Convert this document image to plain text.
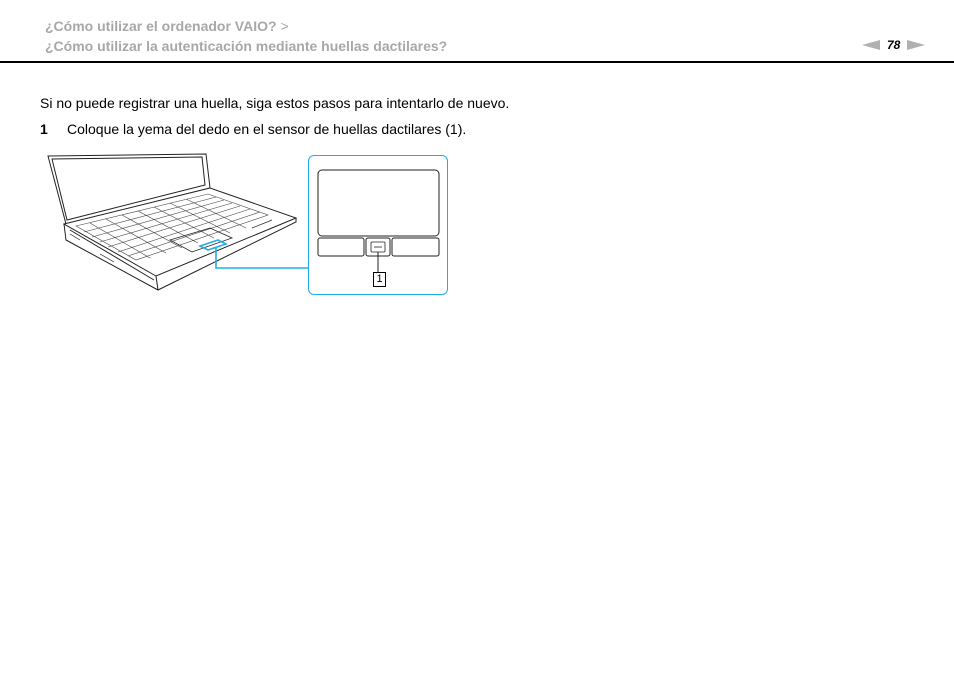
¿Cómo utilizar el ordenador VAIO? >
¿Cómo utilizar la autenticación mediante huellas dactilares?	78
Si no puede registrar una huella, siga estos pasos para intentarlo de nuevo.
1 Coloque la yema del dedo en el sensor de huellas dactilares (1).
1
